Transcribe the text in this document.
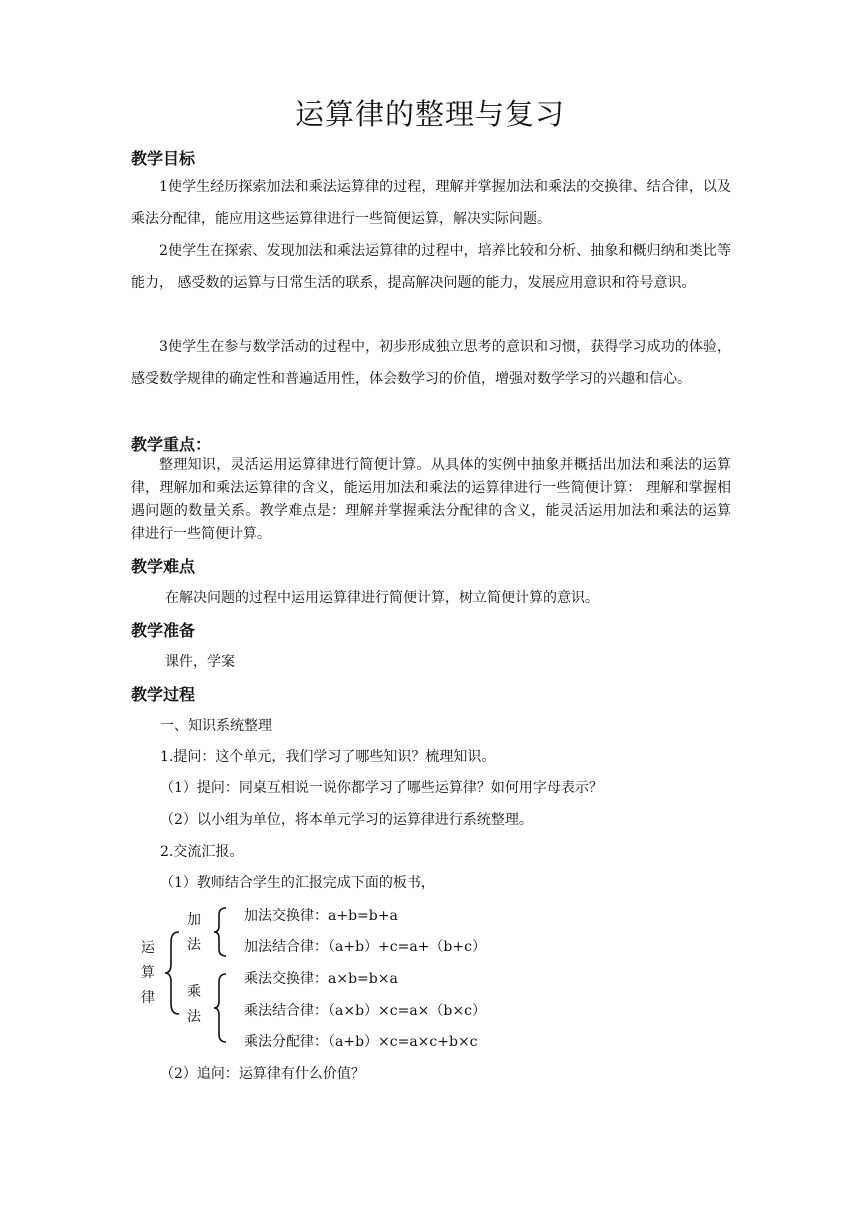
运算律的整理与复习
教学目标

1使学生经历探索加法和乘法运算律的过程，理解并掌握加法和乘法的交换律、结合律，以及乘法分配律，能应用这些运算律进行一些简便运算，解决实际问题。

2使学生在探索、发现加法和乘法运算律的过程中，培养比较和分析、抽象和概归纳和类比等能力， 感受数的运算与日常生活的联系，提高解决问题的能力，发展应用意识和符号意识。

3使学生在参与数学活动的过程中，初步形成独立思考的意识和习惯，获得学习成功的体验，感受数学规律的确定性和普遍适用性，体会数学习的价值，增强对数学学习的兴趣和信心。

教学重点：

整理知识，灵活运用运算律进行简便计算。从具体的实例中抽象并概括出加法和乘法的运算律，理解加和乘法运算律的含义，能运用加法和乘法的运算律进行一些简便计算： 理解和掌握相遇问题的数量关系。教学难点是：理解并掌握乘法分配律的含义，能灵活运用加法和乘法的运算律进行一些简便计算。

教学难点

在解决问题的过程中运用运算律进行简便计算，树立简便计算的意识。

教学准备

课件，学案

教学过程

一、知识系统整理

1.提问：这个单元，我们学习了哪些知识？梳理知识。

（1）提问：同桌互相说一说你都学习了哪些运算律？如何用字母表示？

（2）以小组为单位，将本单元学习的运算律进行系统整理。

2.交流汇报。

（1）教师结合学生的汇报完成下面的板书，

运算律
加法

加法交换律：a+b=b+a

加法结合律：（a+b）+c=a+（b+c）

乘法

乘法交换律：a×b=b×a

乘法结合律：（a×b）×c=a×（b×c）

乘法分配律：（a+b）×c=a×c+b×c

（2）追问：运算律有什么价值？
